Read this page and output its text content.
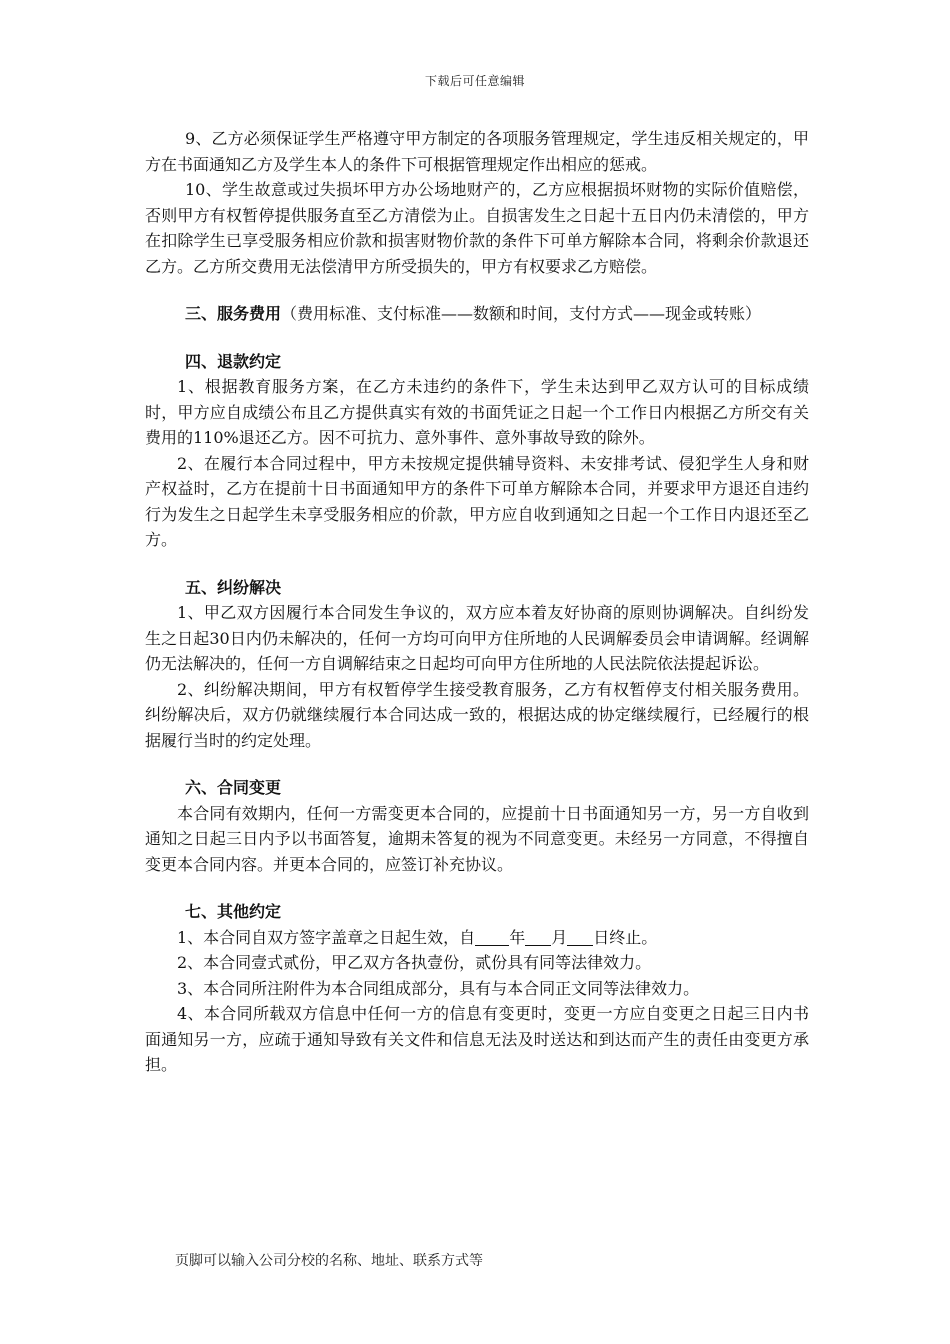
下载后可任意编辑

9、乙方必须保证学生严格遵守甲方制定的各项服务管理规定，学生违反相关规定的，甲方在书面通知乙方及学生本人的条件下可根据管理规定作出相应的惩戒。

10、学生故意或过失损坏甲方办公场地财产的，乙方应根据损坏财物的实际价值赔偿，否则甲方有权暂停提供服务直至乙方清偿为止。自损害发生之日起十五日内仍未清偿的，甲方在扣除学生已享受服务相应价款和损害财物价款的条件下可单方解除本合同，将剩余价款退还乙方。乙方所交费用无法偿清甲方所受损失的，甲方有权要求乙方赔偿。

三、服务费用（费用标准、支付标准——数额和时间，支付方式——现金或转账）

四、退款约定

1、根据教育服务方案，在乙方未违约的条件下，学生未达到甲乙双方认可的目标成绩时，甲方应自成绩公布且乙方提供真实有效的书面凭证之日起一个工作日内根据乙方所交有关费用的110%退还乙方。因不可抗力、意外事件、意外事故导致的除外。

2、在履行本合同过程中，甲方未按规定提供辅导资料、未安排考试、侵犯学生人身和财产权益时，乙方在提前十日书面通知甲方的条件下可单方解除本合同，并要求甲方退还自违约行为发生之日起学生未享受服务相应的价款，甲方应自收到通知之日起一个工作日内退还至乙方。

五、纠纷解决

1、甲乙双方因履行本合同发生争议的，双方应本着友好协商的原则协调解决。自纠纷发生之日起30日内仍未解决的，任何一方均可向甲方住所地的人民调解委员会申请调解。经调解仍无法解决的，任何一方自调解结束之日起均可向甲方住所地的人民法院依法提起诉讼。

2、纠纷解决期间，甲方有权暂停学生接受教育服务，乙方有权暂停支付相关服务费用。纠纷解决后，双方仍就继续履行本合同达成一致的，根据达成的协定继续履行，已经履行的根据履行当时的约定处理。

六、合同变更

本合同有效期内，任何一方需变更本合同的，应提前十日书面通知另一方，另一方自收到通知之日起三日内予以书面答复，逾期未答复的视为不同意变更。未经另一方同意，不得擅自变更本合同内容。并更本合同的，应签订补充协议。

七、其他约定

1、本合同自双方签字盖章之日起生效，自 年 月 日终止。

2、本合同壹式贰份，甲乙双方各执壹份，贰份具有同等法律效力。

3、本合同所注附件为本合同组成部分，具有与本合同正文同等法律效力。

4、本合同所载双方信息中任何一方的信息有变更时，变更一方应自变更之日起三日内书面通知另一方，应疏于通知导致有关文件和信息无法及时送达和到达而产生的责任由变更方承担。

页脚可以输入公司分校的名称、地址、联系方式等
